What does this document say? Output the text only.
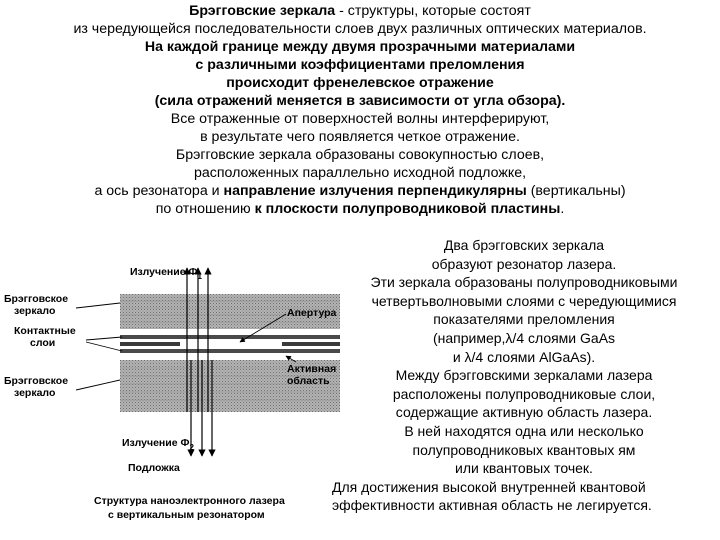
Брэгговские зеркала - структуры, которые состоят
из чередующейся последовательности слоев двух различных оптических материалов.
На каждой границе между двумя прозрачными материалами
с различными коэффициентами преломления
происходит френелевское отражение
(сила отражений меняется в зависимости от угла обзора).
Все отраженные от поверхностей волны интерферируют,
в результате чего появляется четкое отражение.
Брэгговские зеркала образованы совокупностью слоев,
расположенных параллельно исходной подложке,
а ось резонатора и направление излучения перпендикулярны (вертикальны)
по отношению к плоскости полупроводниковой пластины.
Два брэгговских зеркала
образуют резонатор лазера.
Эти зеркала образованы полупроводниковыми
четвертьволновыми слоями с чередующимися
показателями преломления
(например,λ/4 слоями GaAs
и λ/4 слоями AlGaAs).
Между брэгговскими зеркалами лазера
расположены полупроводниковые слои,
содержащие активную область лазера.
В ней находятся одна или несколько
полупроводниковых квантовых ям
или квантовых точек.
Для достижения высокой внутренней квантовой
эффективности активная область не легируется.
Излучение $Ф_1$
Брэгговское
зеркало
Контактные
слои
Брэгговское
зеркало
Апертура
Активная
область
Излучение $Ф_2$
Подложка
Структура наноэлектронного лазера
с вертикальным резонатором
